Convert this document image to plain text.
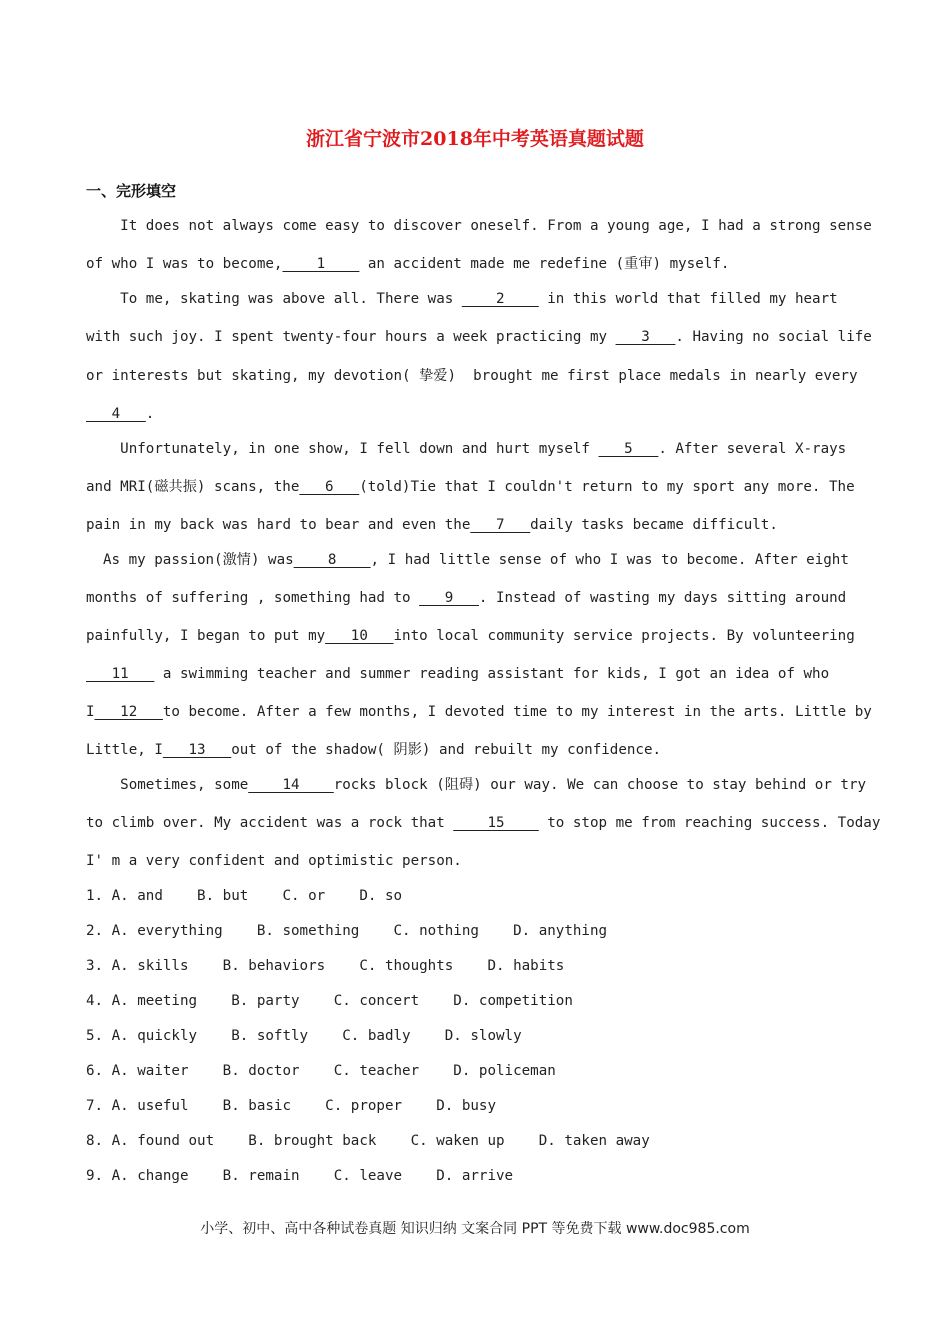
浙江省宁波市2018年中考英语真题试题
一、完形填空
It does not always come easy to discover oneself. From a young age, I had a strong sense
of who I was to become,____1____ an accident made me redefine (重审) myself.
To me, skating was above all. There was ____2____ in this world that filled my heart
with such joy. I spent twenty-four hours a week practicing my ___3___. Having no social life
or interests but skating, my devotion( 挚爱)  brought me first place medals in nearly every
___4___.
Unfortunately, in one show, I fell down and hurt myself ___5___. After several X-rays
and MRI(磁共振) scans, the___6___(told)Tie that I couldn't return to my sport any more. The
pain in my back was hard to bear and even the___7___daily tasks became difficult.
As my passion(激情) was____8____, I had little sense of who I was to become. After eight
months of suffering , something had to ___9___. Instead of wasting my days sitting around
painfully, I began to put my___10___into local community service projects. By volunteering
___11___ a swimming teacher and summer reading assistant for kids, I got an idea of who
I___12___to become. After a few months, I devoted time to my interest in the arts. Little by
Little, I___13___out of the shadow( 阴影) and rebuilt my confidence.
Sometimes, some____14____rocks block (阻碍) our way. We can choose to stay behind or try
to climb over. My accident was a rock that ____15____ to stop me from reaching success. Today
I' m a very confident and optimistic person.
1. A. and    B. but    C. or    D. so
2. A. everything    B. something    C. nothing    D. anything
3. A. skills    B. behaviors    C. thoughts    D. habits
4. A. meeting    B. party    C. concert    D. competition
5. A. quickly    B. softly    C. badly    D. slowly
6. A. waiter    B. doctor    C. teacher    D. policeman
7. A. useful    B. basic    C. proper    D. busy
8. A. found out    B. brought back    C. waken up    D. taken away
9. A. change    B. remain    C. leave    D. arrive
小学、初中、高中各种试卷真题 知识归纳 文案合同 PPT 等免费下载 www.doc985.com
